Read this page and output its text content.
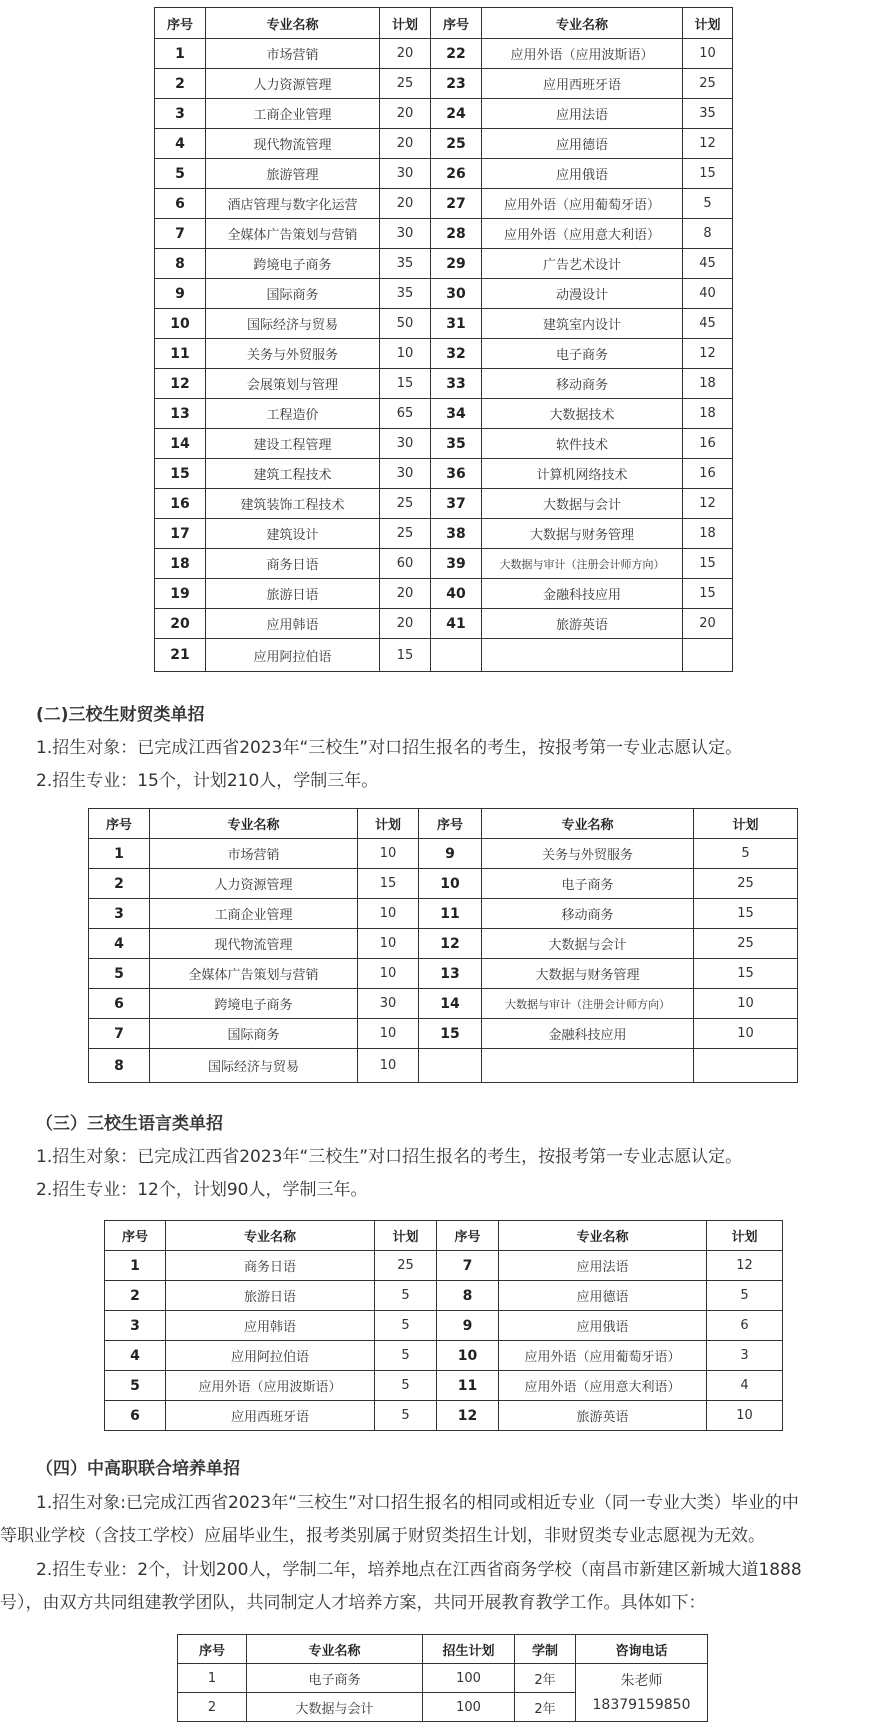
序号	专业名称	计划	序号	专业名称	计划
1	市场营销	20	22	应用外语（应用波斯语）	10
2	人力资源管理	25	23	应用西班牙语	25
3	工商企业管理	20	24	应用法语	35
4	现代物流管理	20	25	应用德语	12
5	旅游管理	30	26	应用俄语	15
6	酒店管理与数字化运营	20	27	应用外语（应用葡萄牙语）	5
7	全媒体广告策划与营销	30	28	应用外语（应用意大利语）	8
8	跨境电子商务	35	29	广告艺术设计	45
9	国际商务	35	30	动漫设计	40
10	国际经济与贸易	50	31	建筑室内设计	45
11	关务与外贸服务	10	32	电子商务	12
12	会展策划与管理	15	33	移动商务	18
13	工程造价	65	34	大数据技术	18
14	建设工程管理	30	35	软件技术	16
15	建筑工程技术	30	36	计算机网络技术	16
16	建筑装饰工程技术	25	37	大数据与会计	12
17	建筑设计	25	38	大数据与财务管理	18
18	商务日语	60	39	大数据与审计（注册会计师方向）	15
19	旅游日语	20	40	金融科技应用	15
20	应用韩语	20	41	旅游英语	20
21	应用阿拉伯语	15			
(二)三校生财贸类单招
1.招生对象：已完成江西省2023年“三校生”对口招生报名的考生，按报考第一专业志愿认定。
2.招生专业：15个，计划210人，学制三年。
序号	专业名称	计划	序号	专业名称	计划
1	市场营销	10	9	关务与外贸服务	5
2	人力资源管理	15	10	电子商务	25
3	工商企业管理	10	11	移动商务	15
4	现代物流管理	10	12	大数据与会计	25
5	全媒体广告策划与营销	10	13	大数据与财务管理	15
6	跨境电子商务	30	14	大数据与审计（注册会计师方向）	10
7	国际商务	10	15	金融科技应用	10
8	国际经济与贸易	10			
（三）三校生语言类单招
1.招生对象：已完成江西省2023年“三校生”对口招生报名的考生，按报考第一专业志愿认定。
2.招生专业：12个，计划90人，学制三年。
序号	专业名称	计划	序号	专业名称	计划
1	商务日语	25	7	应用法语	12
2	旅游日语	5	8	应用德语	5
3	应用韩语	5	9	应用俄语	6
4	应用阿拉伯语	5	10	应用外语（应用葡萄牙语）	3
5	应用外语（应用波斯语）	5	11	应用外语（应用意大利语）	4
6	应用西班牙语	5	12	旅游英语	10
（四）中高职联合培养单招
1.招生对象:已完成江西省2023年“三校生”对口招生报名的相同或相近专业（同一专业大类）毕业的中
等职业学校（含技工学校）应届毕业生，报考类别属于财贸类招生计划，非财贸类专业志愿视为无效。
2.招生专业：2个，计划200人，学制二年，培养地点在江西省商务学校（南昌市新建区新城大道1888
号），由双方共同组建教学团队，共同制定人才培养方案，共同开展教育教学工作。具体如下：
序号	专业名称	招生计划	学制	咨询电话
1	电子商务	100	2年	朱老师
18379159850

2	大数据与会计	100	2年	
